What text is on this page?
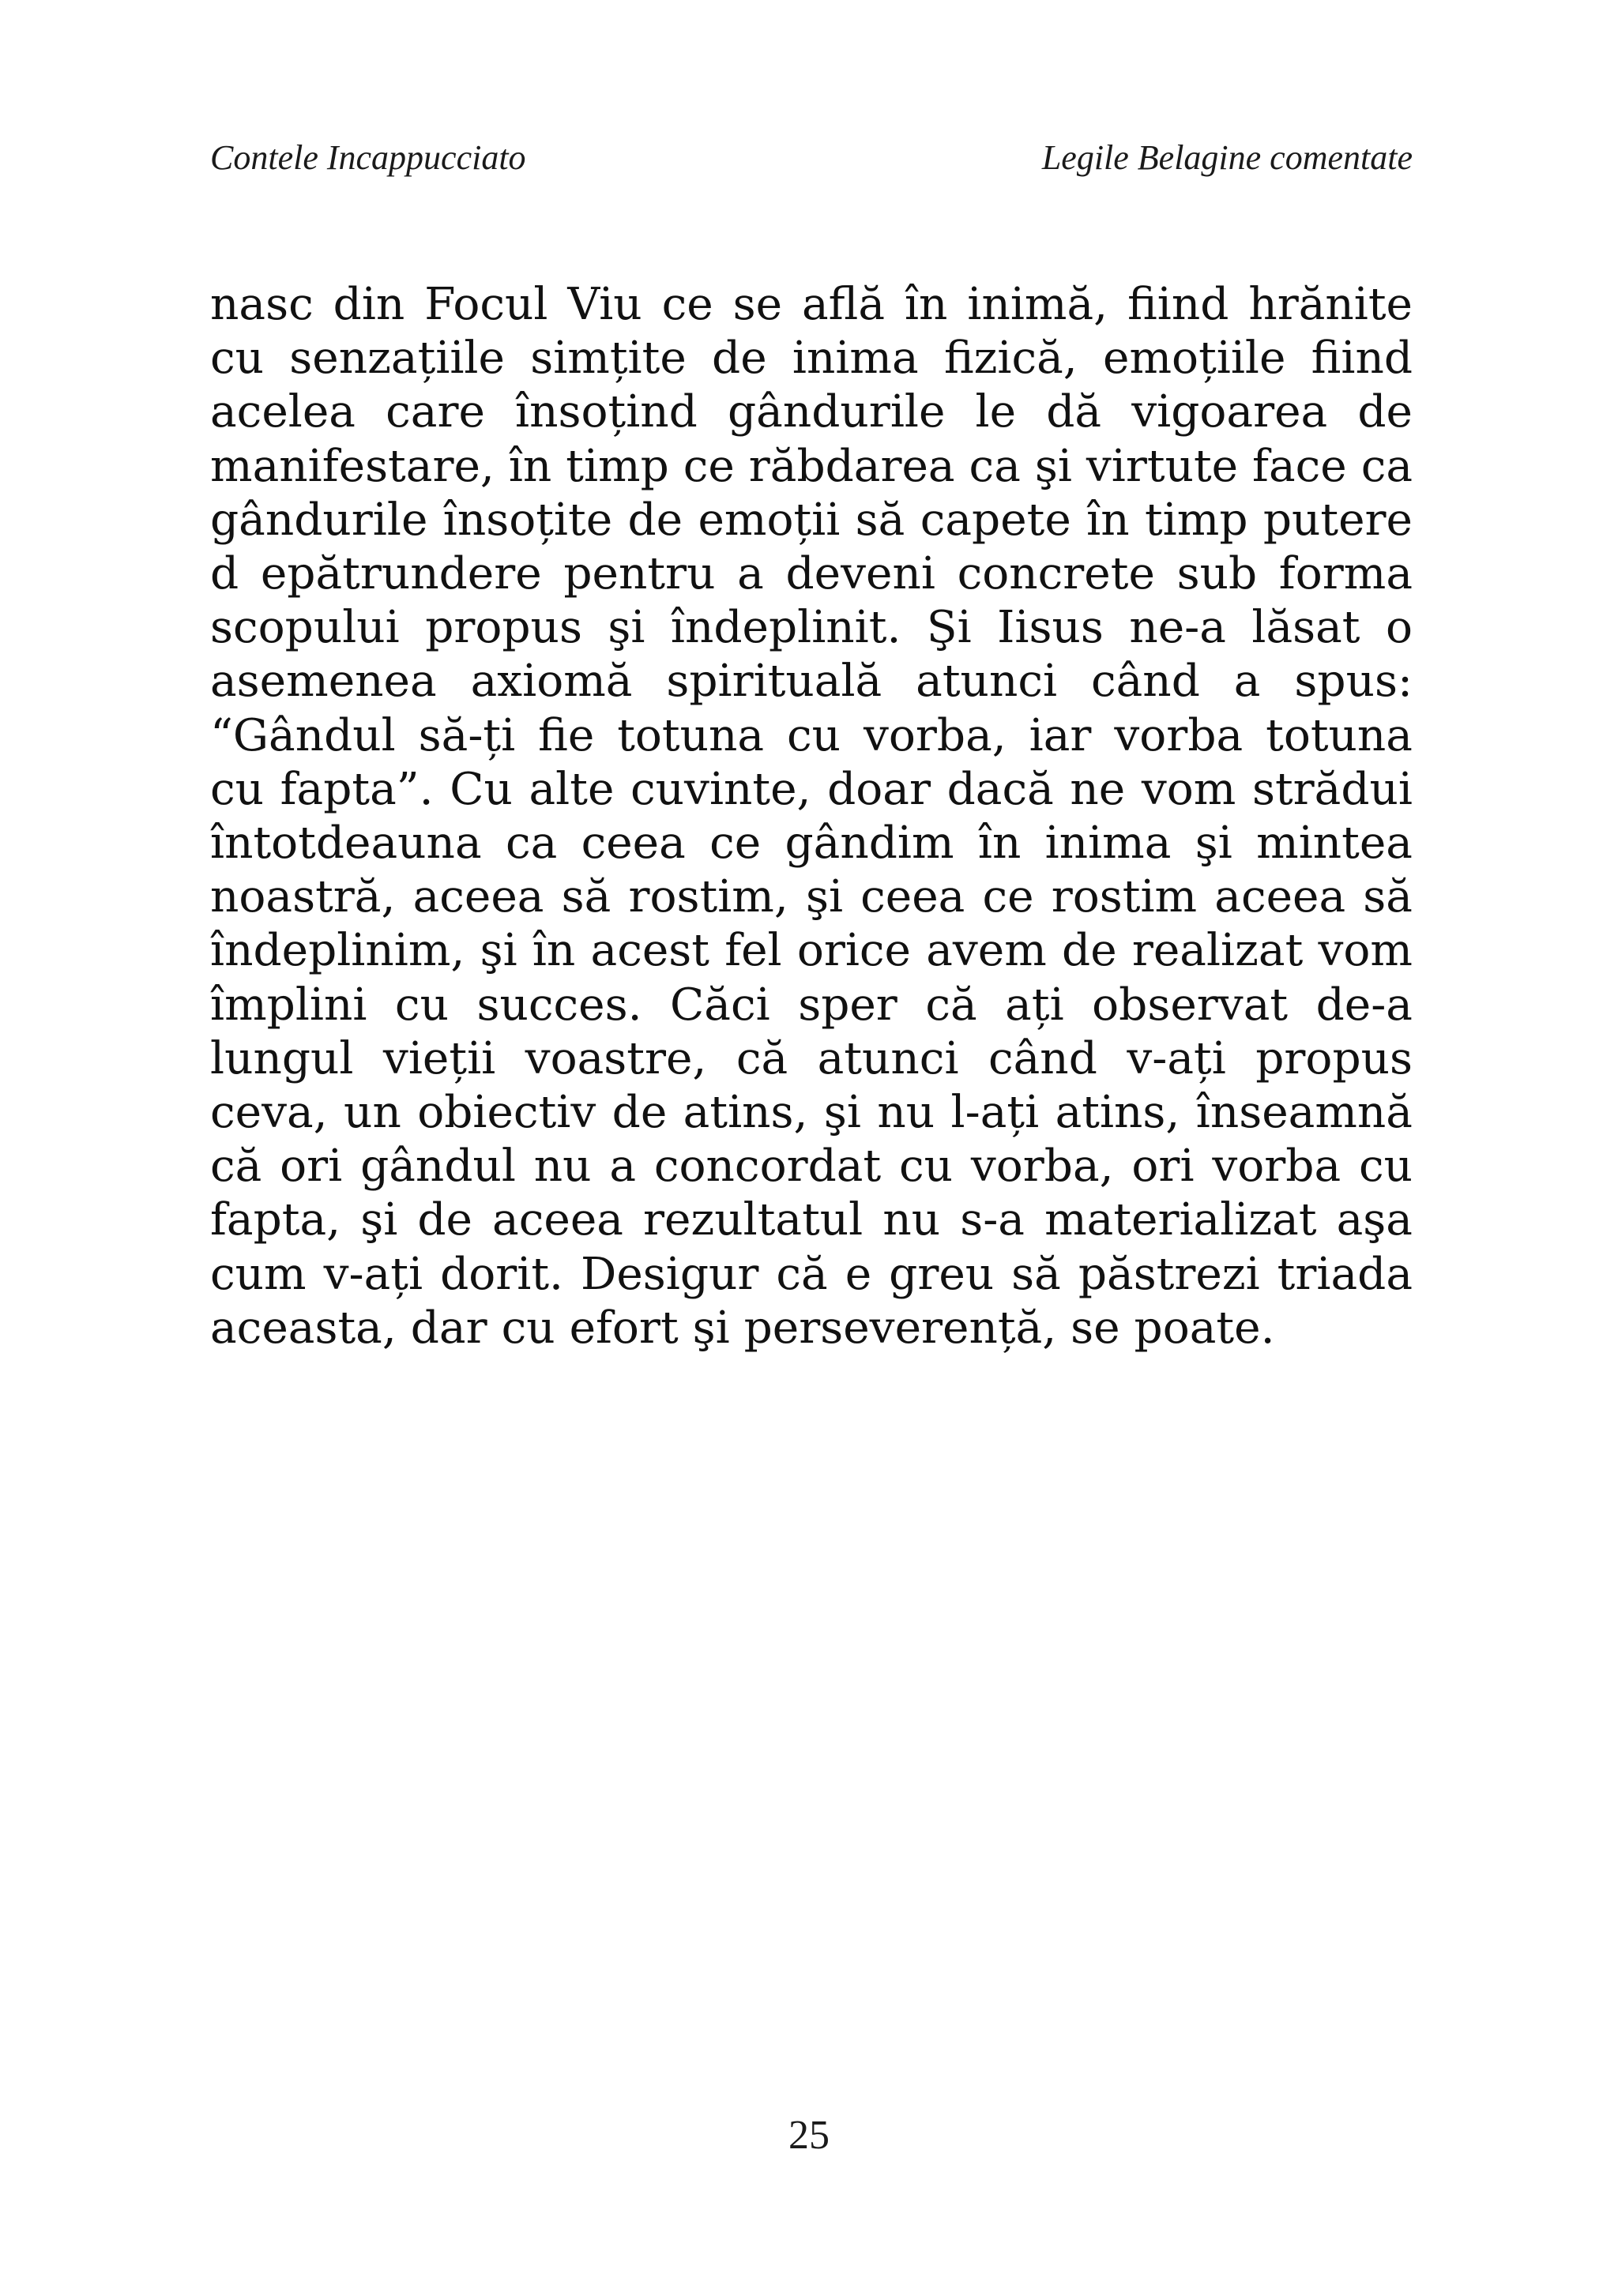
Contele Incappucciato	Legile Belagine comentate
nasc din Focul Viu ce se află în inimă, fiind hrănite
cu senzațiile simțite de inima fizică, emoțiile fiind
acelea care însoțind gândurile le dă vigoarea de
manifestare, în timp ce răbdarea ca şi virtute face ca
gândurile însoțite de emoții să capete în timp putere
d epătrundere pentru a deveni concrete sub forma
scopului propus şi îndeplinit. Şi Iisus ne-a lăsat o
asemenea axiomă spirituală atunci când a spus:
“Gândul să-ți fie totuna cu vorba, iar vorba totuna
cu fapta”. Cu alte cuvinte, doar dacă ne vom strădui
întotdeauna ca ceea ce gândim în inima şi mintea
noastră, aceea să rostim, şi ceea ce rostim aceea să
îndeplinim, şi în acest fel orice avem de realizat vom
împlini cu succes. Căci sper că ați observat de-a
lungul vieții voastre, că atunci când v-ați propus
ceva, un obiectiv de atins, şi nu l-ați atins, înseamnă
că ori gândul nu a concordat cu vorba, ori vorba cu
fapta, şi de aceea rezultatul nu s-a materializat aşa
cum v-ați dorit. Desigur că e greu să păstrezi triada
aceasta, dar cu efort şi perseverență, se poate.
25
